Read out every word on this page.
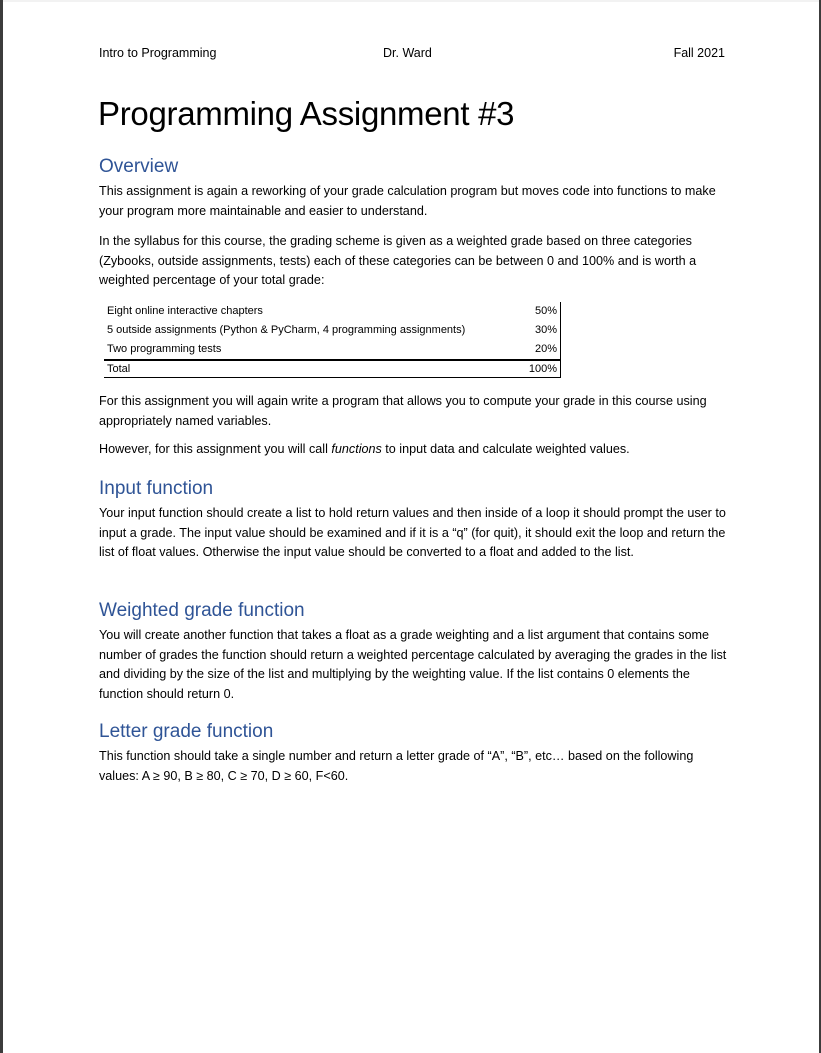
Intro to Programming	Dr. Ward	Fall 2021
Programming Assignment #3
Overview

This assignment is again a reworking of your grade calculation program but moves code into functions to make your program more maintainable and easier to understand.

In the syllabus for this course, the grading scheme is given as a weighted grade based on three categories (Zybooks, outside assignments, tests) each of these categories can be between 0 and 100% and is worth a weighted percentage of your total grade:

Eight online interactive chapters	50%
5 outside assignments (Python & PyCharm, 4 programming assignments)	30%
Two programming tests	20%
Total	100%

For this assignment you will again write a program that allows you to compute your grade in this course using appropriately named variables.

However, for this assignment you will call functions to input data and calculate weighted values.

Input function

Your input function should create a list to hold return values and then inside of a loop it should prompt the user to input a grade. The input value should be examined and if it is a “q” (for quit), it should exit the loop and return the list of float values. Otherwise the input value should be converted to a float and added to the list.

Weighted grade function

You will create another function that takes a float as a grade weighting and a list argument that contains some number of grades the function should return a weighted percentage calculated by averaging the grades in the list and dividing by the size of the list and multiplying by the weighting value. If the list contains 0 elements the function should return 0.

Letter grade function

This function should take a single number and return a letter grade of “A”, “B”, etc… based on the following values: A ≥ 90, B ≥ 80, C ≥ 70, D ≥ 60, F<60.
